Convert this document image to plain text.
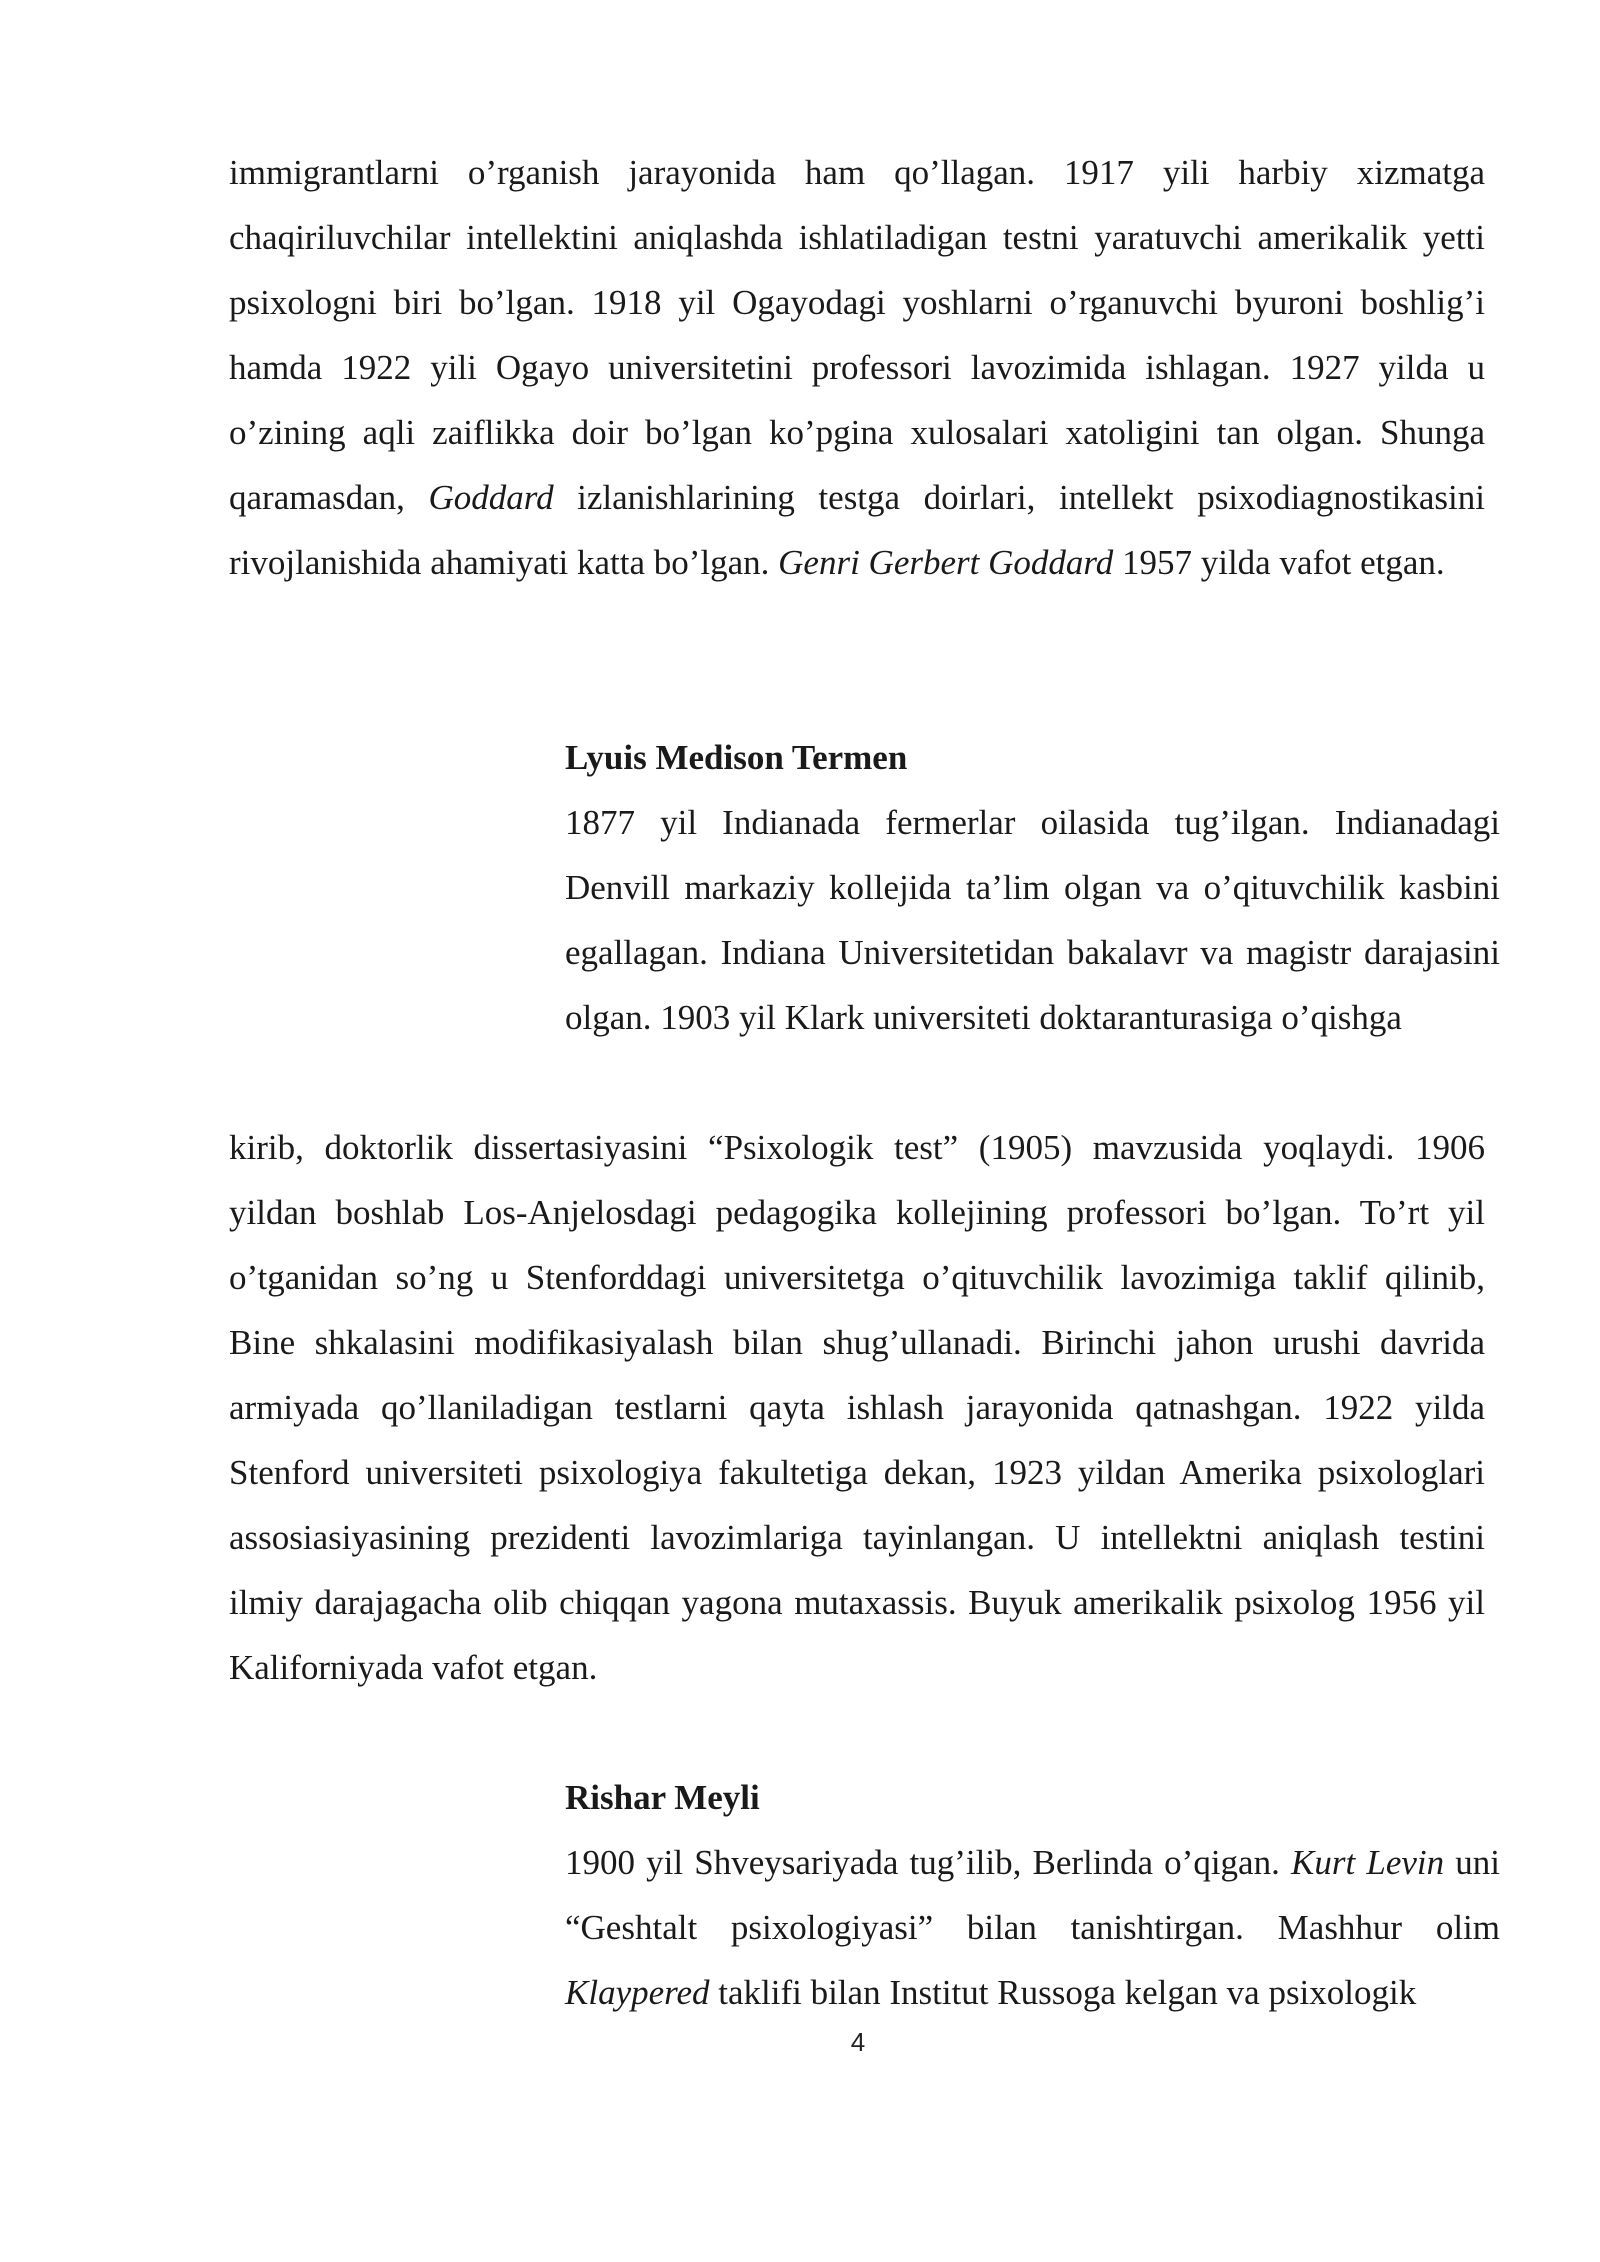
immigrantlarni o’rganish jarayonida ham qo’llagan. 1917 yili harbiy xizmatga chaqiriluvchilar intellektini aniqlashda ishlatiladigan testni yaratuvchi amerikalik yetti psixologni biri bo’lgan. 1918 yil Ogayodagi yoshlarni o’rganuvchi byuroni boshlig’i hamda 1922 yili Ogayo universitetini professori lavozimida ishlagan. 1927 yilda u o’zining aqli zaiflikka doir bo’lgan ko’pgina xulosalari xatoligini tan olgan. Shunga qaramasdan, Goddard izlanishlarining testga doirlari, intellekt psixodiagnostikasini rivojlanishida ahamiyati katta bo’lgan. Genri Gerbert Goddard 1957 yilda vafot etgan.

Lyuis Medison Termen

1877 yil Indianada fermerlar oilasida tug’ilgan. Indianadagi Denvill markaziy kollejida ta’lim olgan va o’qituvchilik kasbini egallagan. Indiana Universitetidan bakalavr va magistr darajasini olgan. 1903 yil Klark universiteti doktaranturasiga o’qishga

kirib, doktorlik dissertasiyasini “Psixologik test” (1905) mavzusida yoqlaydi. 1906 yildan boshlab Los-Anjelosdagi pedagogika kollejining professori bo’lgan. To’rt yil o’tganidan so’ng u Stenforddagi universitetga o’qituvchilik lavozimiga taklif qilinib, Bine shkalasini modifikasiyalash bilan shug’ullanadi. Birinchi jahon urushi davrida armiyada qo’llaniladigan testlarni qayta ishlash jarayonida qatnashgan. 1922 yilda Stenford universiteti psixologiya fakultetiga dekan, 1923 yildan Amerika psixologlari assosiasiyasining prezidenti lavozimlariga tayinlangan. U intellektni aniqlash testini ilmiy darajagacha olib chiqqan yagona mutaxassis. Buyuk amerikalik psixolog 1956 yil Kaliforniyada vafot etgan.

Rishar Meyli

1900 yil Shveysariyada tug’ilib, Berlinda o’qigan. Kurt Levin uni “Geshtalt psixologiyasi” bilan tanishtirgan. Mashhur olim Klaypered taklifi bilan Institut Russoga kelgan va psixologik

4
